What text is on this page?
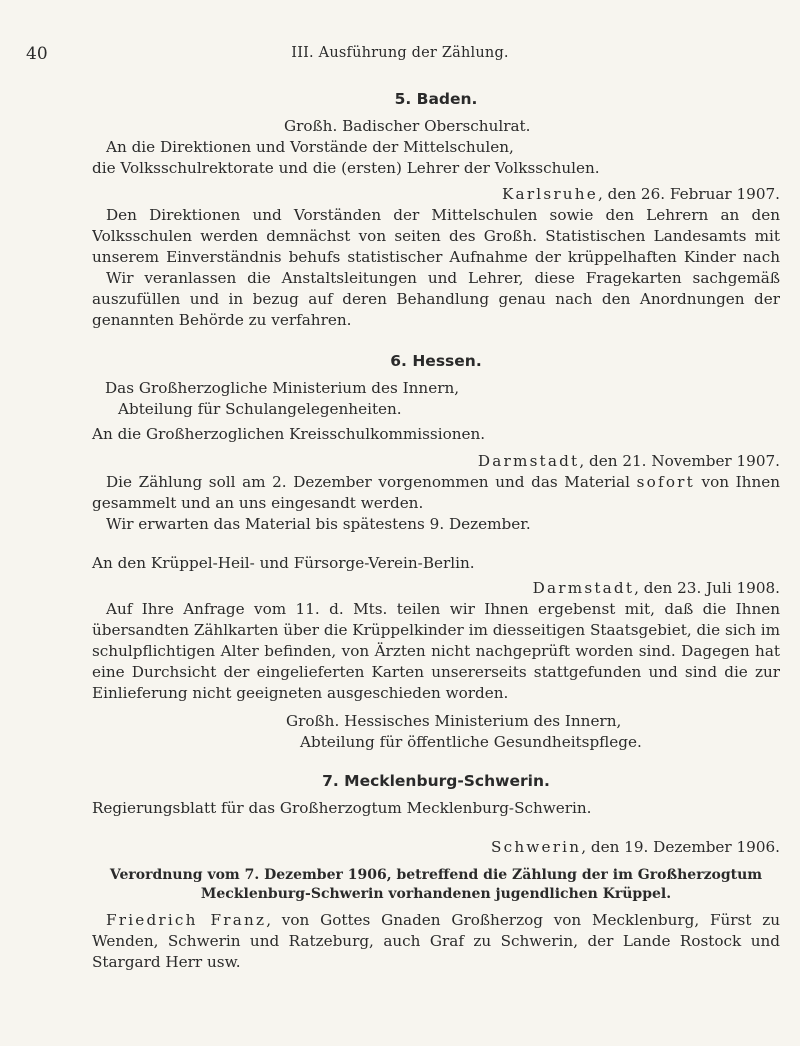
40	III. Ausführung der Zählung.
5. Baden.

Großh. Badischer Oberschulrat.

An die Direktionen und Vorstände der Mittelschulen,

die Volksschulrektorate und die (ersten) Lehrer der Volksschulen.

Karlsruhe, den 26. Februar 1907.

Den Direktionen und Vorständen der Mittelschulen sowie den Lehrern an den Volksschulen werden demnächst von seiten des Großh. Statistischen Landesamts mit unserem Einverständnis behufs statistischer Aufnahme der krüppelhaften Kinder nach

Wir veranlassen die Anstaltsleitungen und Lehrer, diese Fragekarten sachgemäß auszufüllen und in bezug auf deren Behandlung genau nach den Anordnungen der genannten Behörde zu verfahren.

6. Hessen.

Das Großherzogliche Ministerium des Innern,

Abteilung für Schulangelegenheiten.

An die Großherzoglichen Kreisschulkommissionen.

Darmstadt, den 21. November 1907.

Die Zählung soll am 2. Dezember vorgenommen und das Material sofort von Ihnen gesammelt und an uns eingesandt werden.

Wir erwarten das Material bis spätestens 9. Dezember.

An den Krüppel-Heil- und Fürsorge-Verein-Berlin.

Darmstadt, den 23. Juli 1908.

Auf Ihre Anfrage vom 11. d. Mts. teilen wir Ihnen ergebenst mit, daß die Ihnen übersandten Zählkarten über die Krüppelkinder im diesseitigen Staatsgebiet, die sich im schulpflichtigen Alter befinden, von Ärzten nicht nachgeprüft worden sind. Dagegen hat eine Durchsicht der eingelieferten Karten unsererseits stattgefunden und sind die zur Einlieferung nicht geeigneten ausgeschieden worden.

Großh. Hessisches Ministerium des Innern,

Abteilung für öffentliche Gesundheitspflege.

7. Mecklenburg-Schwerin.

Regierungsblatt für das Großherzogtum Mecklenburg-Schwerin.

Schwerin, den 19. Dezember 1906.

Verordnung vom 7. Dezember 1906, betreffend die Zählung der im Großherzogtum

Mecklenburg-Schwerin vorhandenen jugendlichen Krüppel.

Friedrich Franz, von Gottes Gnaden Großherzog von Mecklenburg, Fürst zu Wenden, Schwerin und Ratzeburg, auch Graf zu Schwerin, der Lande Rostock und Stargard Herr usw.
